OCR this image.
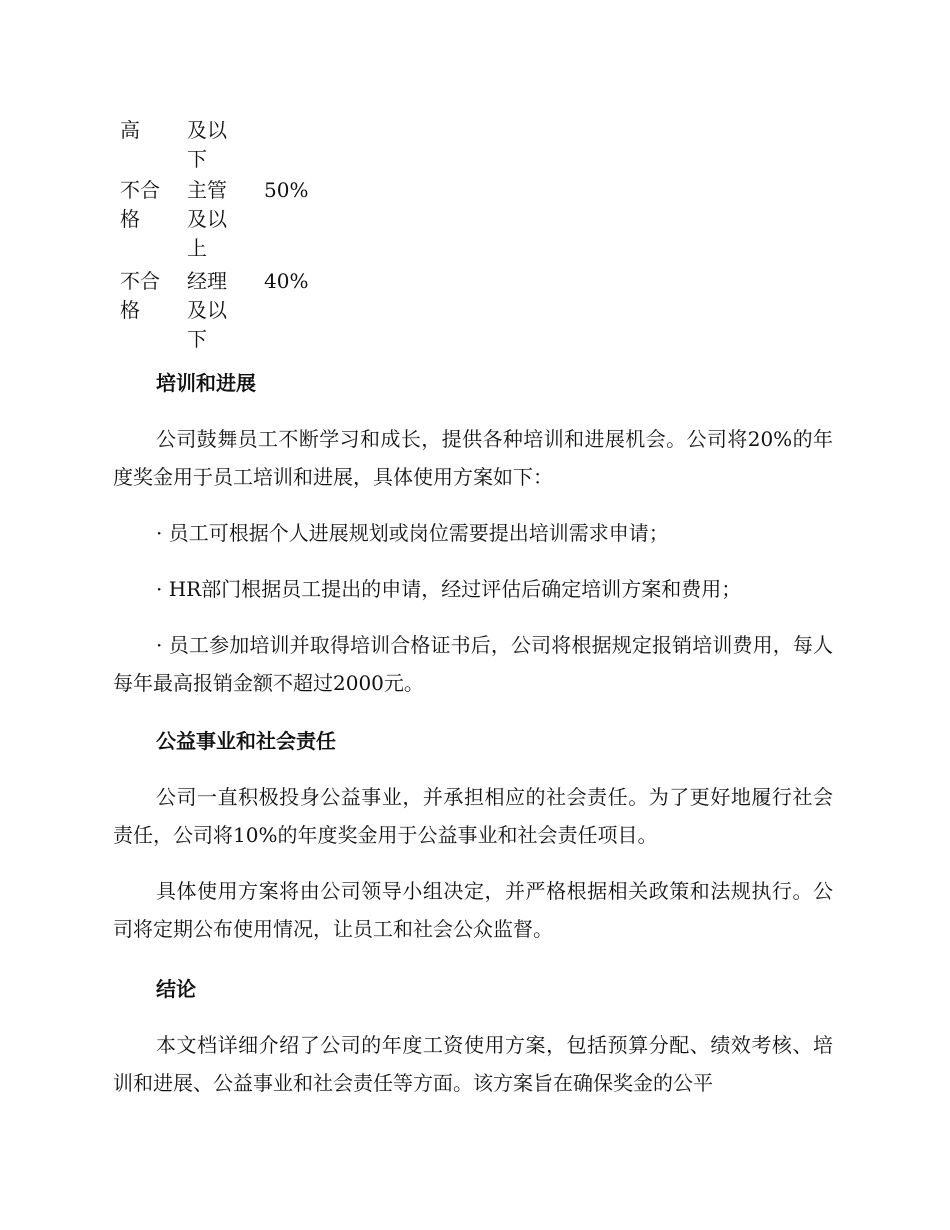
高	及以下
不合格
主管及以上
50%
不合格
经理及以下
40%
培训和进展
公司鼓舞员工不断学习和成长，提供各种培训和进展机会。公司将20%的年度奖金用于员工培训和进展，具体使用方案如下：
· 员工可根据个人进展规划或岗位需要提出培训需求申请；
· HR部门根据员工提出的申请，经过评估后确定培训方案和费用；
· 员工参加培训并取得培训合格证书后，公司将根据规定报销培训费用，每人每年最高报销金额不超过2000元。
公益事业和社会责任
公司一直积极投身公益事业，并承担相应的社会责任。为了更好地履行社会责任，公司将10%的年度奖金用于公益事业和社会责任项目。
具体使用方案将由公司领导小组决定，并严格根据相关政策和法规执行。公司将定期公布使用情况，让员工和社会公众监督。
结论
本文档详细介绍了公司的年度工资使用方案，包括预算分配、绩效考核、培训和进展、公益事业和社会责任等方面。该方案旨在确保奖金的公平
